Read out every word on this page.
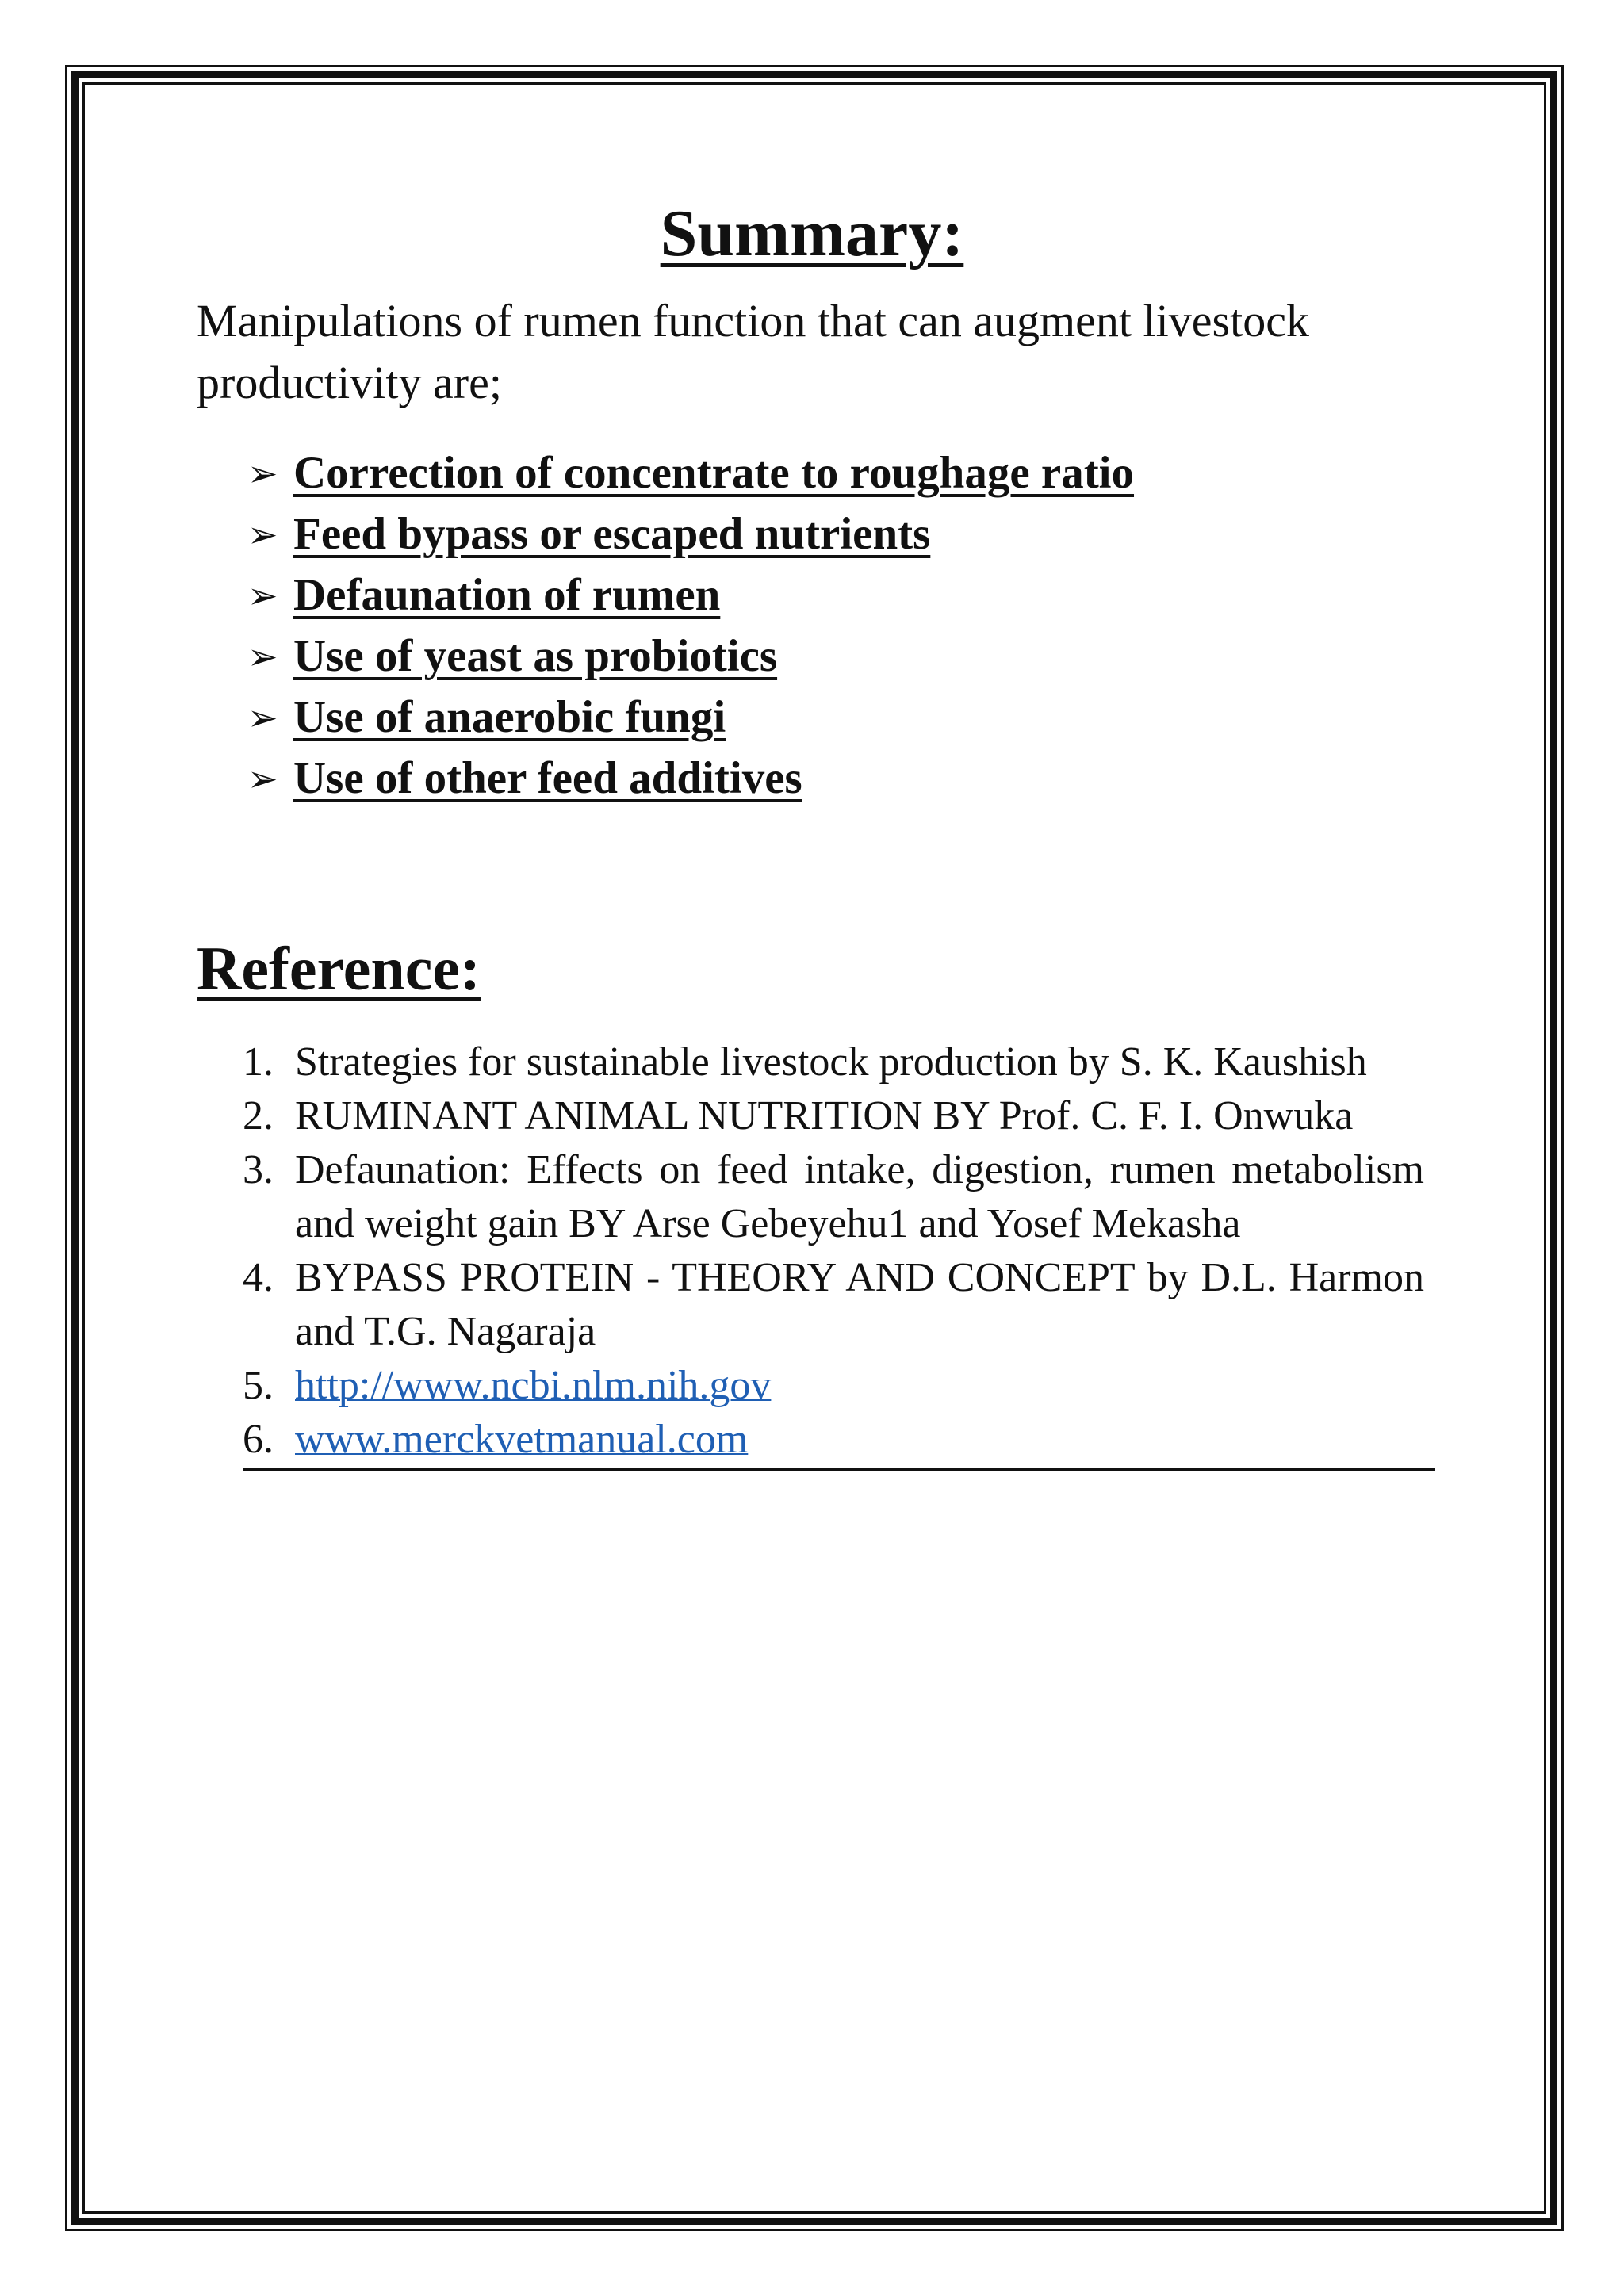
Summary:
Manipulations of rumen function that can augment livestock productivity are;
➢ Correction of concentrate to roughage ratio
➢ Feed bypass or escaped nutrients
➢ Defaunation of rumen
➢ Use of yeast as probiotics
➢ Use of anaerobic fungi
➢ Use of other feed additives
Reference:
1. Strategies for sustainable livestock production by S. K. Kaushish
2. RUMINANT ANIMAL NUTRITION BY Prof. C. F. I. Onwuka
3. Defaunation: Effects on feed intake, digestion, rumen metabolism and weight gain BY Arse Gebeyehu1 and Yosef Mekasha
4. BYPASS PROTEIN - THEORY AND CONCEPT by D.L. Harmon and T.G. Nagaraja
5. http://www.ncbi.nlm.nih.gov
6. www.merckvetmanual.com
